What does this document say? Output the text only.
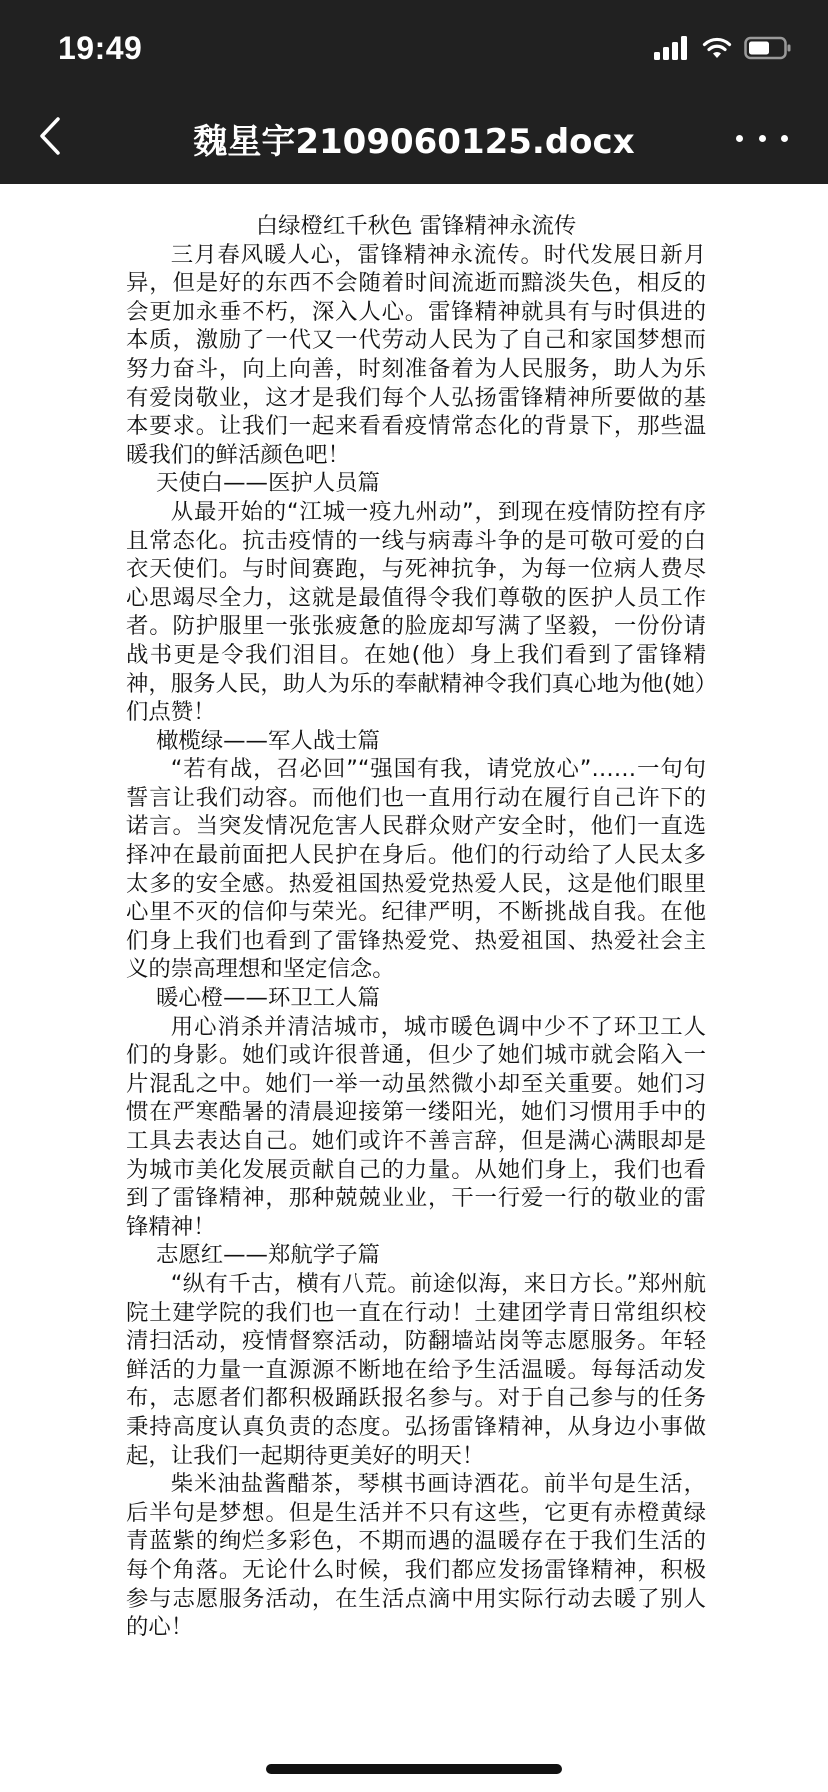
19:49
魏星宇2109060125.docx
白绿橙红千秋色 雷锋精神永流传
三月春风暖人心，雷锋精神永流传。时代发展日新月异，但是好的东西不会随着时间流逝而黯淡失色，相反的会更加永垂不朽，深入人心。雷锋精神就具有与时俱进的本质，激励了一代又一代劳动人民为了自己和家国梦想而努力奋斗，向上向善，时刻准备着为人民服务，助人为乐有爱岗敬业，这才是我们每个人弘扬雷锋精神所要做的基本要求。让我们一起来看看疫情常态化的背景下，那些温暖我们的鲜活颜色吧！
天使白——医护人员篇
从最开始的“江城一疫九州动”，到现在疫情防控有序且常态化。抗击疫情的一线与病毒斗争的是可敬可爱的白衣天使们。与时间赛跑，与死神抗争，为每一位病人费尽心思竭尽全力，这就是最值得令我们尊敬的医护人员工作者。防护服里一张张疲惫的脸庞却写满了坚毅，一份份请战书更是令我们泪目。在她(他）身上我们看到了雷锋精神，服务人民，助人为乐的奉献精神令我们真心地为他(她）们点赞！
橄榄绿——军人战士篇
“若有战，召必回”“强国有我，请党放心”……一句句誓言让我们动容。而他们也一直用行动在履行自己许下的诺言。当突发情况危害人民群众财产安全时，他们一直选择冲在最前面把人民护在身后。他们的行动给了人民太多太多的安全感。热爱祖国热爱党热爱人民，这是他们眼里心里不灭的信仰与荣光。纪律严明，不断挑战自我。在他们身上我们也看到了雷锋热爱党、热爱祖国、热爱社会主义的崇高理想和坚定信念。
暖心橙——环卫工人篇
用心消杀并清洁城市，城市暖色调中少不了环卫工人们的身影。她们或许很普通，但少了她们城市就会陷入一片混乱之中。她们一举一动虽然微小却至关重要。她们习惯在严寒酷暑的清晨迎接第一缕阳光，她们习惯用手中的工具去表达自己。她们或许不善言辞，但是满心满眼却是为城市美化发展贡献自己的力量。从她们身上，我们也看到了雷锋精神，那种兢兢业业，干一行爱一行的敬业的雷锋精神！
志愿红——郑航学子篇
“纵有千古，横有八荒。前途似海，来日方长。”郑州航院土建学院的我们也一直在行动！土建团学青日常组织校清扫活动，疫情督察活动，防翻墙站岗等志愿服务。年轻鲜活的力量一直源源不断地在给予生活温暖。每每活动发布，志愿者们都积极踊跃报名参与。对于自己参与的任务秉持高度认真负责的态度。弘扬雷锋精神，从身边小事做起，让我们一起期待更美好的明天！
柴米油盐酱醋茶，琴棋书画诗酒花。前半句是生活，后半句是梦想。但是生活并不只有这些，它更有赤橙黄绿青蓝紫的绚烂多彩色，不期而遇的温暖存在于我们生活的每个角落。无论什么时候，我们都应发扬雷锋精神，积极参与志愿服务活动，在生活点滴中用实际行动去暖了别人的心！
